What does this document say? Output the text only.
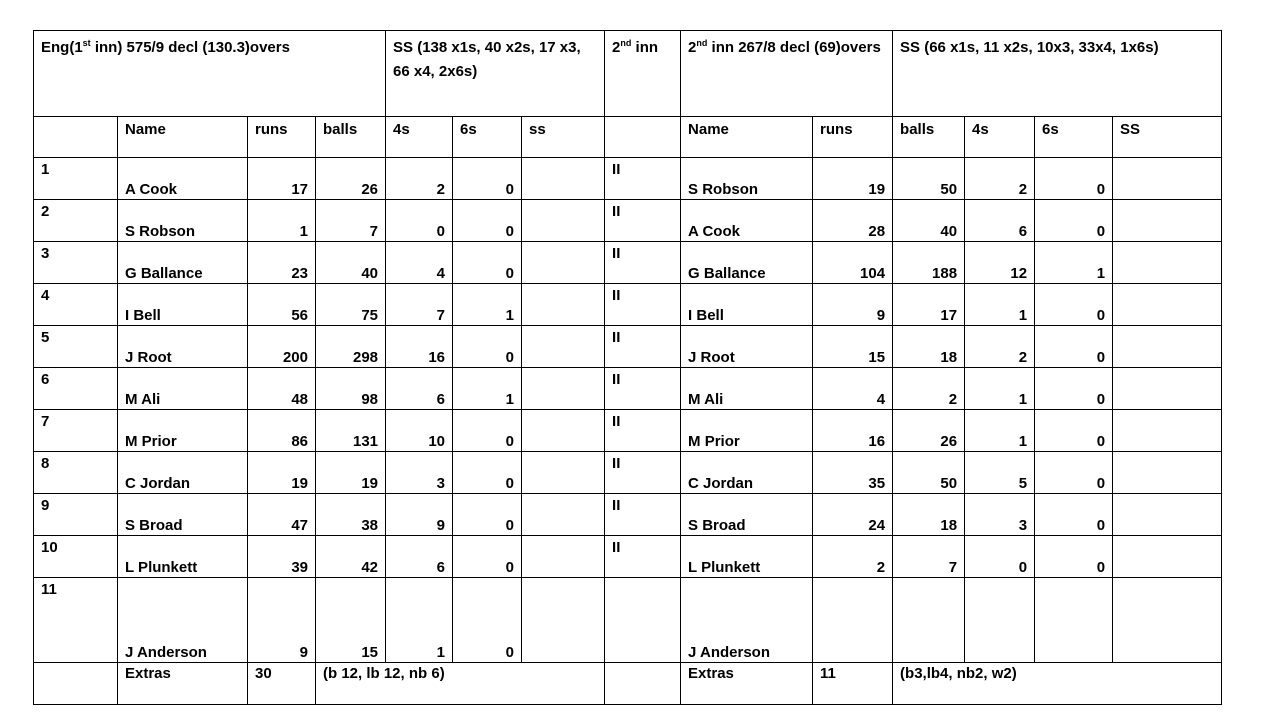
Eng(1st inn) 575/9 decl (130.3)overs				SS (138 x1s, 40 x2s, 17 x3, 66 x4, 2x6s)			2nd inn	2nd inn 267/8 decl (69)overs		SS (66 x1s, 11 x2s, 10x3, 33x4, 1x6s)			
	Name	runs	balls	4s	6s	ss		Name	runs	balls	4s	6s	SS
1	A Cook	17	26	2	0		II	S Robson	19	50	2	0	
2	S Robson	1	7	0	0		II	A Cook	28	40	6	0	
3	G Ballance	23	40	4	0		II	G Ballance	104	188	12	1	
4	I Bell	56	75	7	1		II	I Bell	9	17	1	0	
5	J Root	200	298	16	0		II	J Root	15	18	2	0	
6	M Ali	48	98	6	1		II	M Ali	4	2	1	0	
7	M Prior	86	131	10	0		II	M Prior	16	26	1	0	
8	C Jordan	19	19	3	0		II	C Jordan	35	50	5	0	
9	S Broad	47	38	9	0		II	S Broad	24	18	3	0	
10	L Plunkett	39	42	6	0		II	L Plunkett	2	7	0	0	
11	J Anderson	9	15	1	0			J Anderson					
	Extras	30	(b 12, lb 12, nb 6)					Extras	11	(b3,lb4, nb2, w2)			
